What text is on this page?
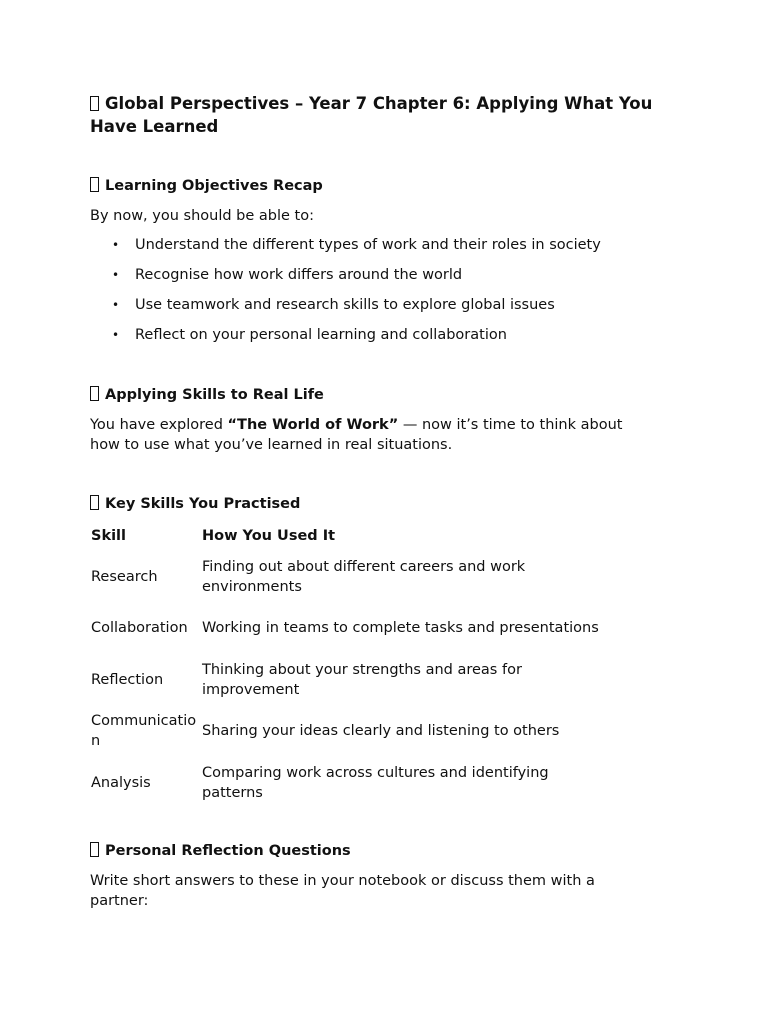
Global Perspectives – Year 7 Chapter 6: Applying What You Have Learned
Learning Objectives Recap

By now, you should be able to:

• Understand the different types of work and their roles in society
• Recognise how work differs around the world
• Use teamwork and research skills to explore global issues
• Reflect on your personal learning and collaboration
Applying Skills to Real Life

You have explored “The World of Work” — now it’s time to think about how to use what you’ve learned in real situations.

Key Skills You Practised
Skill	How You Used It
Research	Finding out about different careers and work environments
Collaboration	Working in teams to complete tasks and presentations
Reflection	Thinking about your strengths and areas for improvement
Communication	Sharing your ideas clearly and listening to others
Analysis	Comparing work across cultures and identifying patterns
Personal Reflection Questions

Write short answers to these in your notebook or discuss them with a partner:
